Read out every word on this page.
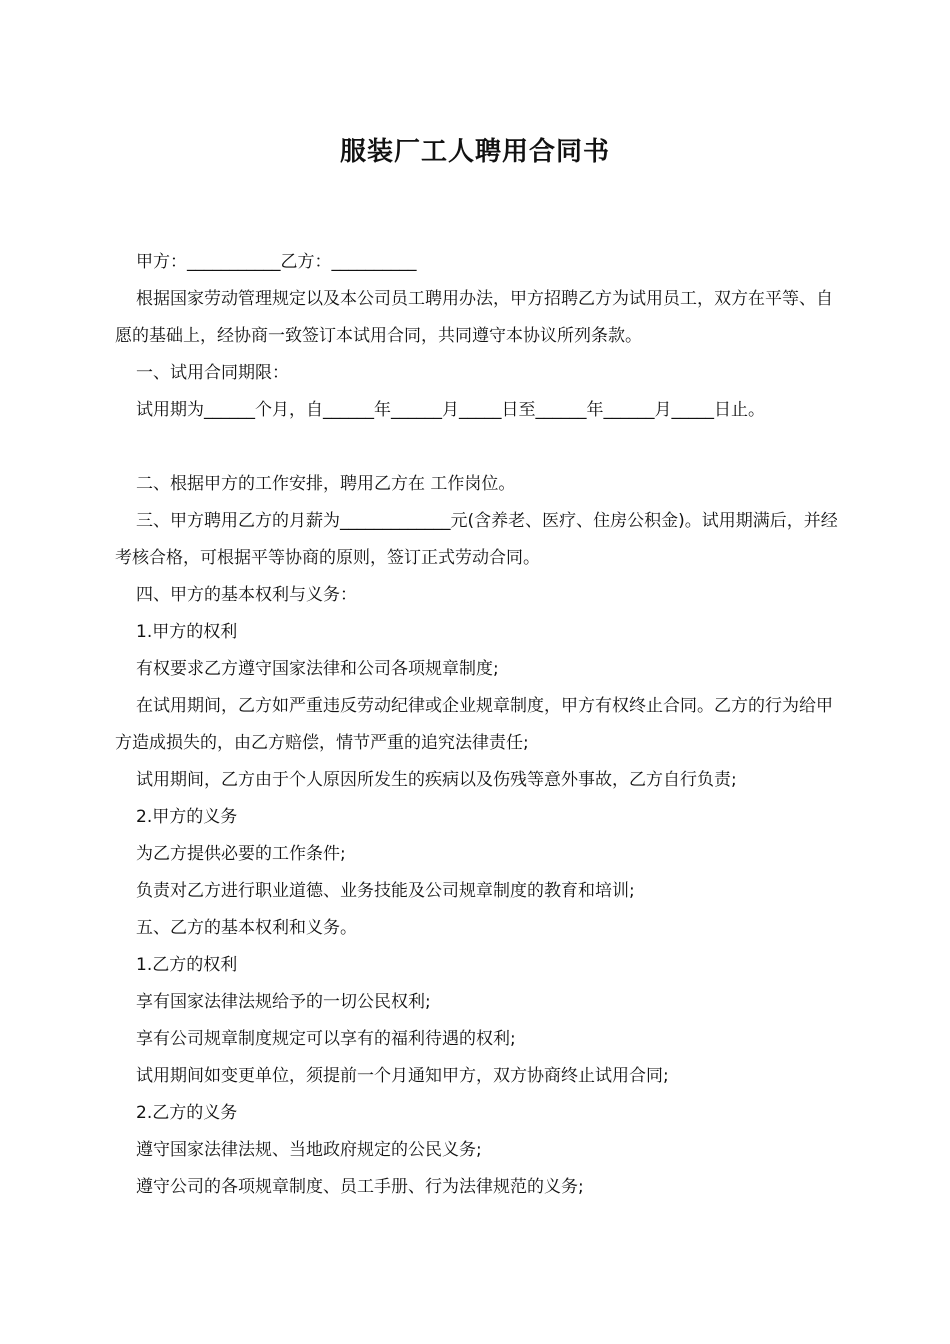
服装厂工人聘用合同书

甲方：___________乙方：__________

根据国家劳动管理规定以及本公司员工聘用办法，甲方招聘乙方为试用员工，双方在平等、自愿的基础上，经协商一致签订本试用合同，共同遵守本协议所列条款。

一、试用合同期限：

试用期为______个月，自______年______月_____日至______年______月_____日止。

二、根据甲方的工作安排，聘用乙方在 工作岗位。

三、甲方聘用乙方的月薪为_____________元(含养老、医疗、住房公积金)。试用期满后，并经考核合格，可根据平等协商的原则，签订正式劳动合同。

四、甲方的基本权利与义务：

1.甲方的权利

有权要求乙方遵守国家法律和公司各项规章制度;

在试用期间，乙方如严重违反劳动纪律或企业规章制度，甲方有权终止合同。乙方的行为给甲方造成损失的，由乙方赔偿，情节严重的追究法律责任;

试用期间，乙方由于个人原因所发生的疾病以及伤残等意外事故，乙方自行负责;

2.甲方的义务

为乙方提供必要的工作条件;

负责对乙方进行职业道德、业务技能及公司规章制度的教育和培训;

五、乙方的基本权利和义务。

1.乙方的权利

享有国家法律法规给予的一切公民权利;

享有公司规章制度规定可以享有的福利待遇的权利;

试用期间如变更单位，须提前一个月通知甲方，双方协商终止试用合同;

2.乙方的义务

遵守国家法律法规、当地政府规定的公民义务;

遵守公司的各项规章制度、员工手册、行为法律规范的义务;
